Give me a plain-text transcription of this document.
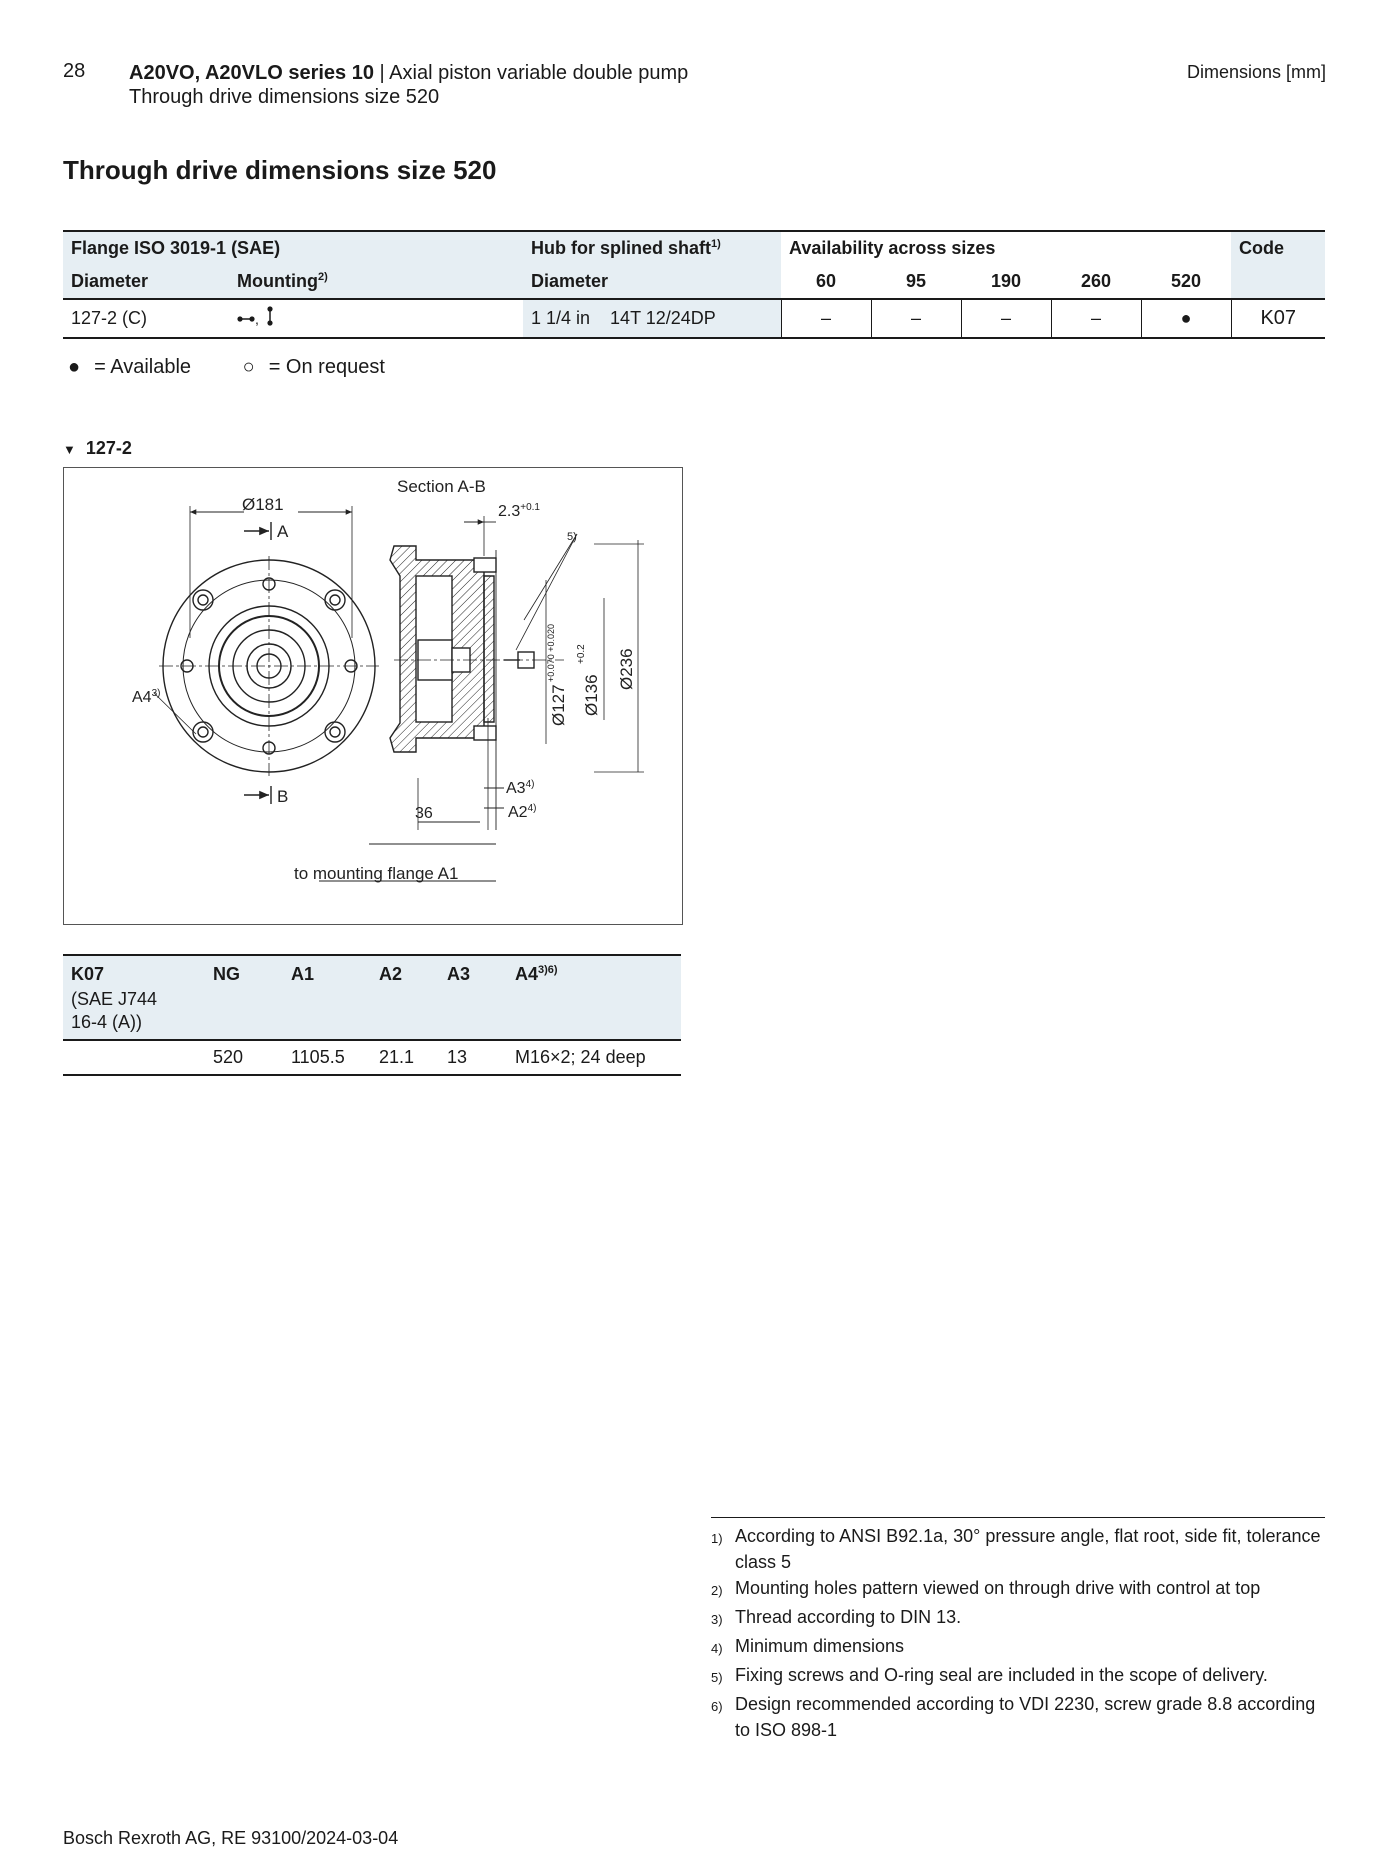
28 A20VO, A20VLO series 10 | Axial piston variable double pump
Through drive dimensions size 520
Dimensions [mm]
Through drive dimensions size 520
Flange ISO 3019-1 (SAE)		Hub for splined shaft$^{1)}$	Availability across sizes					Code
Diameter	Mounting$^{2)}$	Diameter	60	95	190	260	520	
127-2 (C)	,	1 1/4 in 14T 12/24DP	–	–	–	–	●	K07
● = Available	○ = On request
▼ 127-2
Ø181
A
B
A4$^{3)}$
Section A-B
$2.3^{+0.1}$
5)
Ø127
+0.070 +0.020
Ø136
+0.2 Ø236
A3$^{4)}$
A2$^{4)}$
36
to mounting flange A1
K07	NG	A1	A2	A3	$A4^{3)6)}$
(SAE J744					
16-4 (A))					
	520	1105.5	21.1	13	M16×2; 24 deep
1) According to ANSI B92.1a, 30° pressure angle, flat root, side fit, tolerance class 5
2) Mounting holes pattern viewed on through drive with control at top
3) Thread according to DIN 13.
4) Minimum dimensions
5) Fixing screws and O-ring seal are included in the scope of delivery.
6) Design recommended according to VDI 2230, screw grade 8.8 according to ISO 898-1
Bosch Rexroth AG, RE 93100/2024-03-04
